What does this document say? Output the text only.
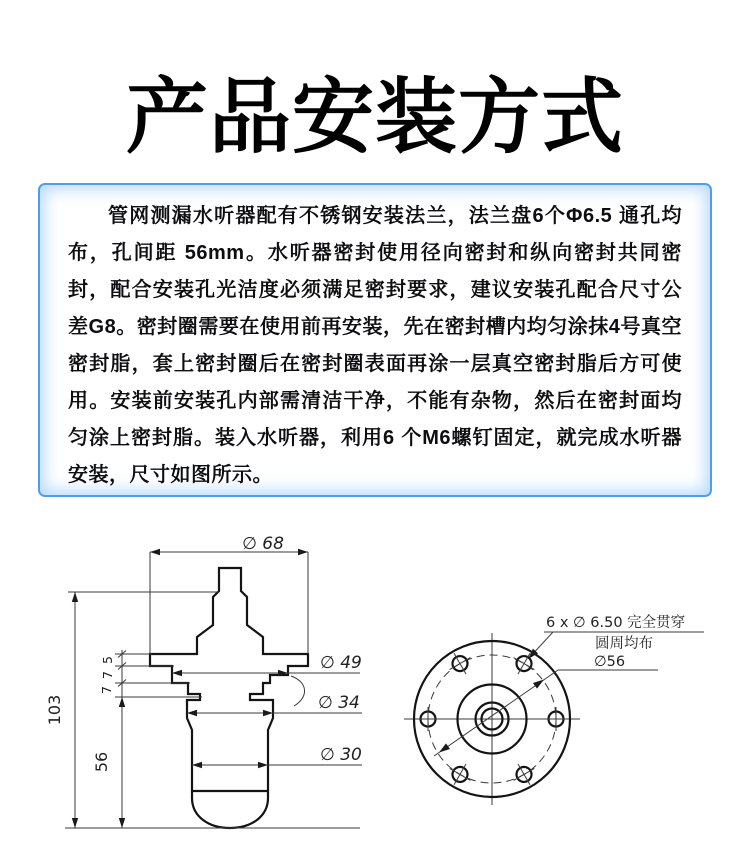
产品安装方式

管网测漏水听器配有不锈钢安装法兰，法兰盘6个Φ6.5 通孔均布，孔间距 56mm。水听器密封使用径向密封和纵向密封共同密封，配合安装孔光洁度必须满足密封要求，建议安装孔配合尺寸公差G8。密封圈需要在使用前再安装，先在密封槽内均匀涂抹4号真空密封脂，套上密封圈后在密封圈表面再涂一层真空密封脂后方可使用。安装前安装孔内部需清洁干净，不能有杂物，然后在密封面均匀涂上密封脂。装入水听器，利用6 个M6螺钉固定，就完成水听器安装，尺寸如图所示。

∅ 68
103
5
7
7
56
∅ 49
∅ 34
∅ 30
6 x ∅ 6.50 完全贯穿
圆周均布
∅56
